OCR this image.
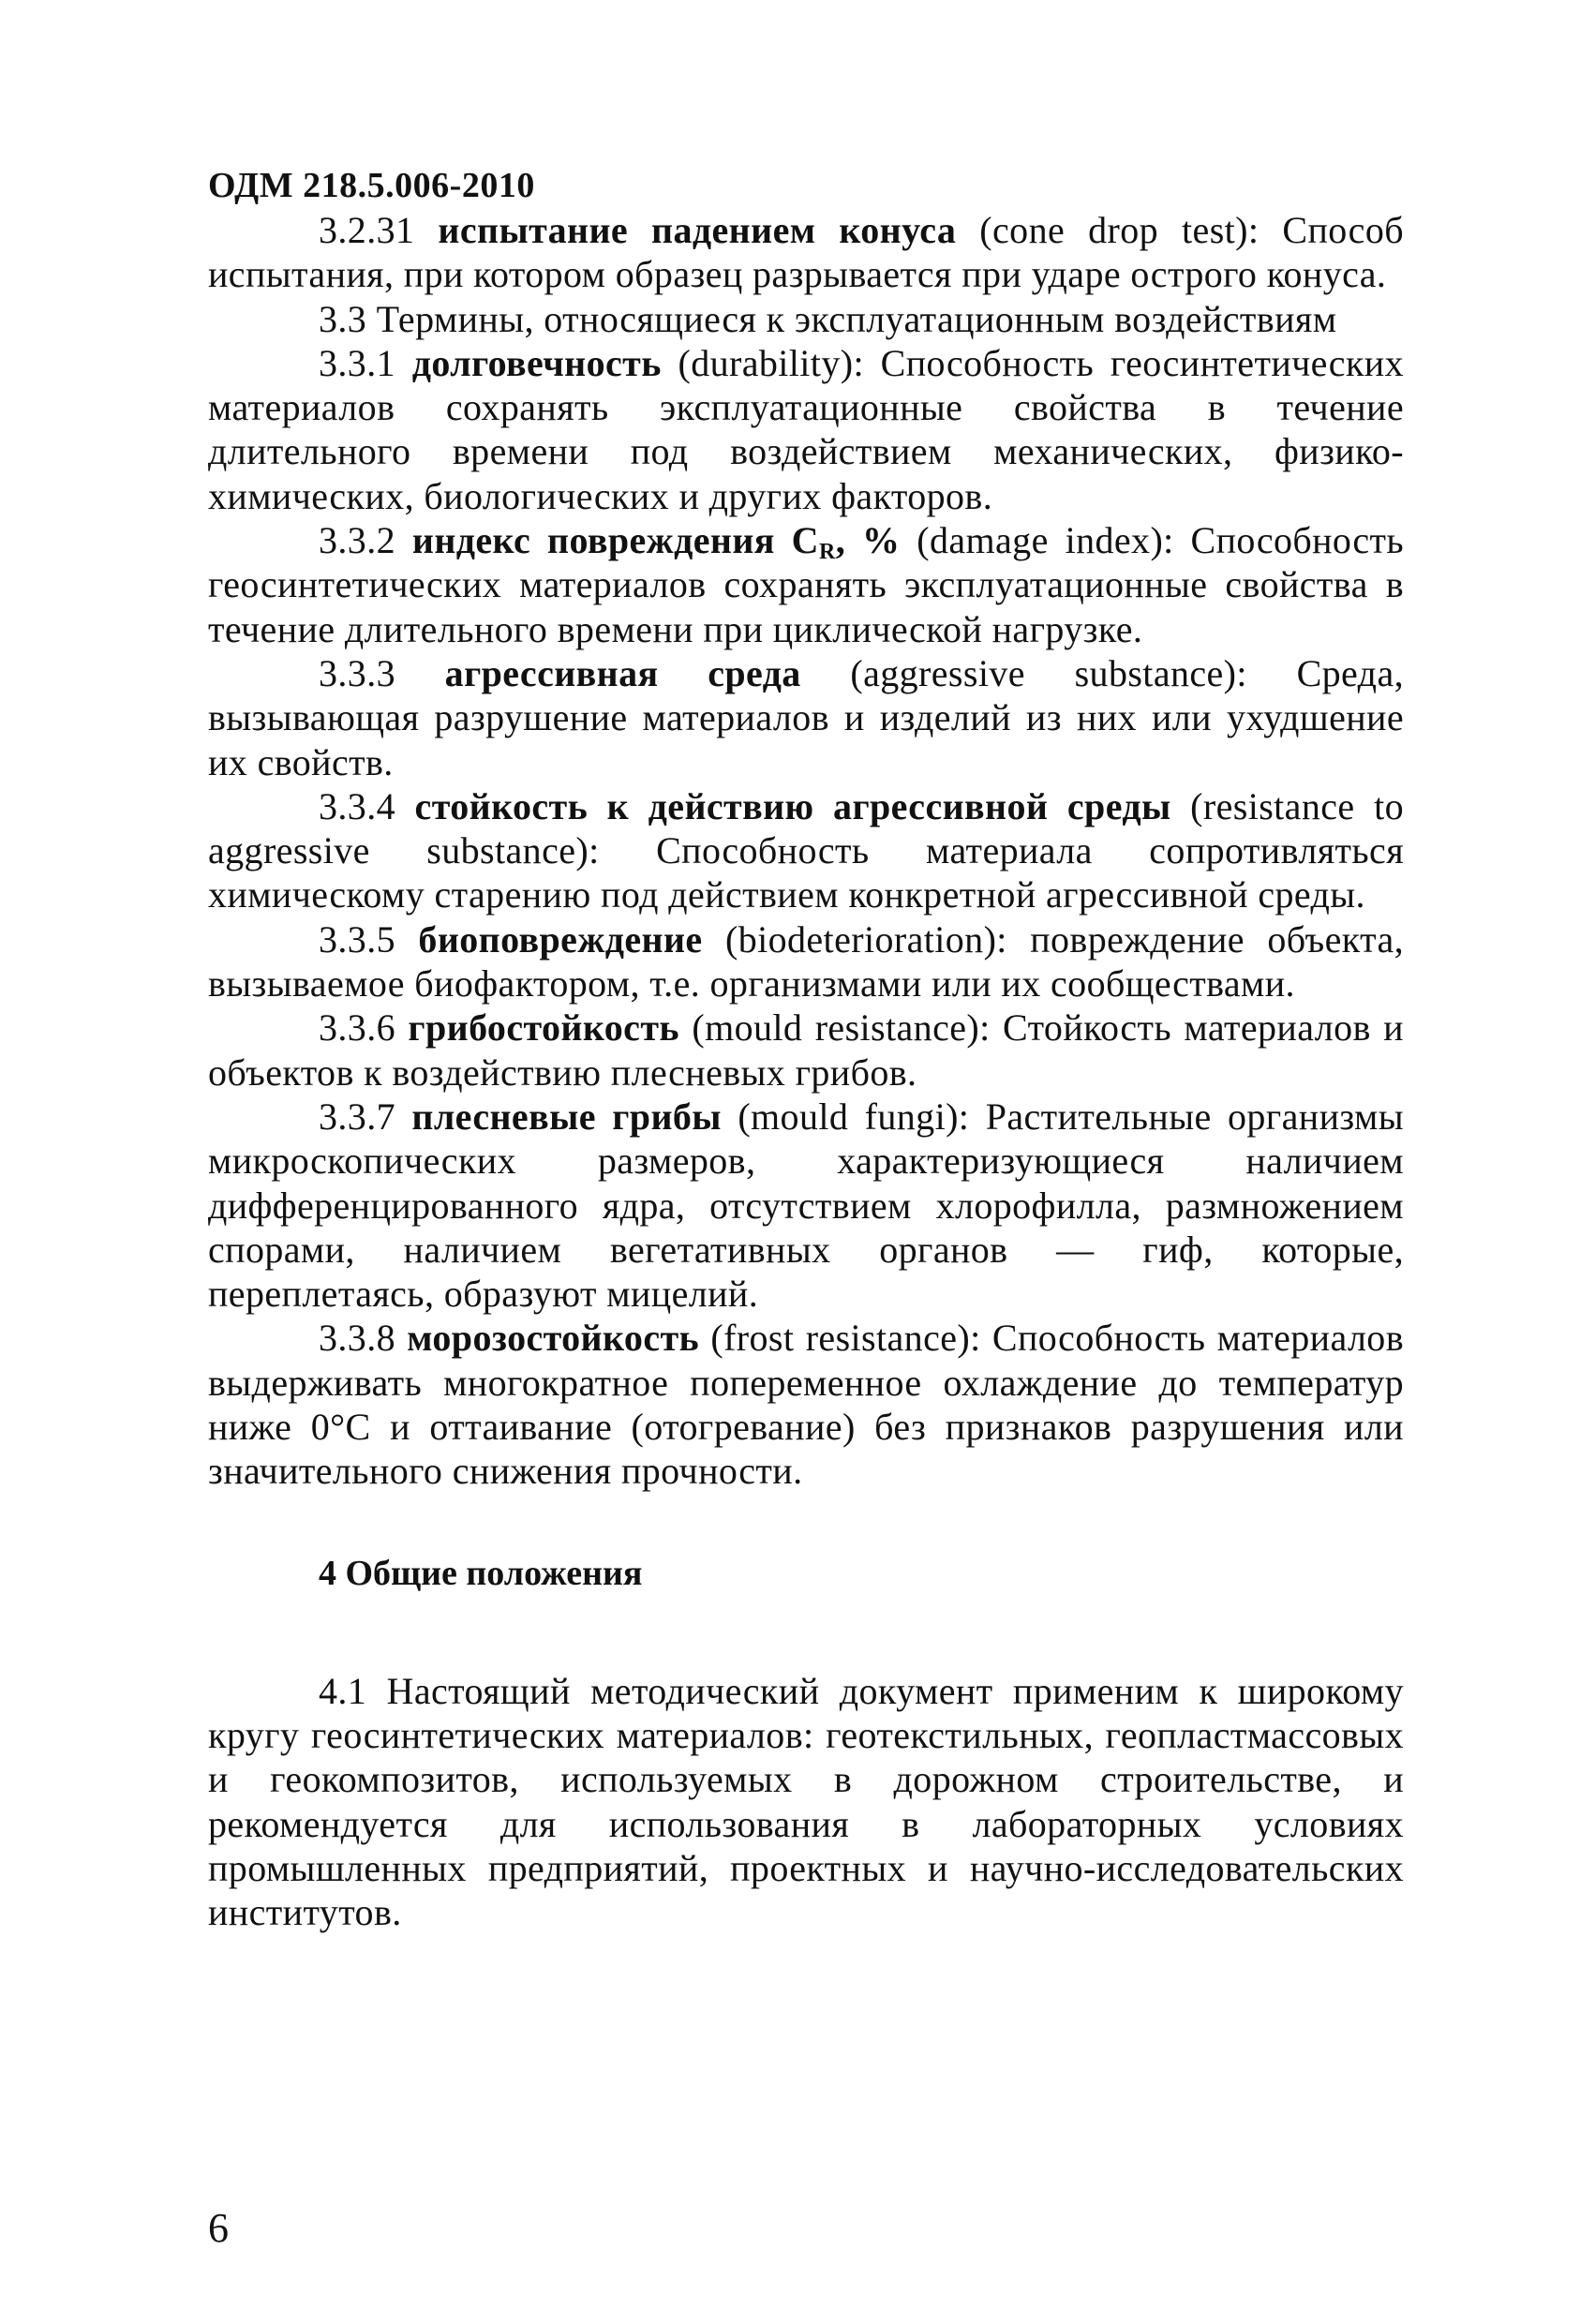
ОДМ 218.5.006-2010

3.2.31 испытание падением конуса (cone drop test): Способ испытания, при котором образец разрывается при ударе острого конуса.

3.3 Термины, относящиеся к эксплуатационным воздействиям

3.3.1 долговечность (durability): Способность геосинтетических материалов сохранять эксплуатационные свойства в течение длительного времени под воздействием механических, физико-химических, биологических и других факторов.

3.3.2 индекс повреждения $C_R$, % (damage index): Способность геосинтетических материалов сохранять эксплуатационные свойства в течение длительного времени при циклической нагрузке.

3.3.3 агрессивная среда (aggressive substance): Среда, вызывающая разрушение материалов и изделий из них или ухудшение их свойств.

3.3.4 стойкость к действию агрессивной среды (resistance to aggressive substance): Способность материала сопротивляться химическому старению под действием конкретной агрессивной среды.

3.3.5 биоповреждение (biodeterioration): повреждение объекта, вызываемое биофактором, т.е. организмами или их сообществами.

3.3.6 грибостойкость (mould resistance): Стойкость материалов и объектов к воздействию плесневых грибов.

3.3.7 плесневые грибы (mould fungi): Растительные организмы микроскопических размеров, характеризующиеся наличием дифференцированного ядра, отсутствием хлорофилла, размножением спорами, наличием вегетативных органов — гиф, которые, переплетаясь, образуют мицелий.

3.3.8 морозостойкость (frost resistance): Способность материалов выдерживать многократное попеременное охлаждение до температур ниже 0°С и оттаивание (отогревание) без признаков разрушения или значительного снижения прочности.

4 Общие положения

4.1 Настоящий методический документ применим к широкому кругу геосинтетических материалов: геотекстильных, геопластмассовых и геокомпозитов, используемых в дорожном строительстве, и рекомендуется для использования в лабораторных условиях промышленных предприятий, проектных и научно-исследовательских институтов.

6
